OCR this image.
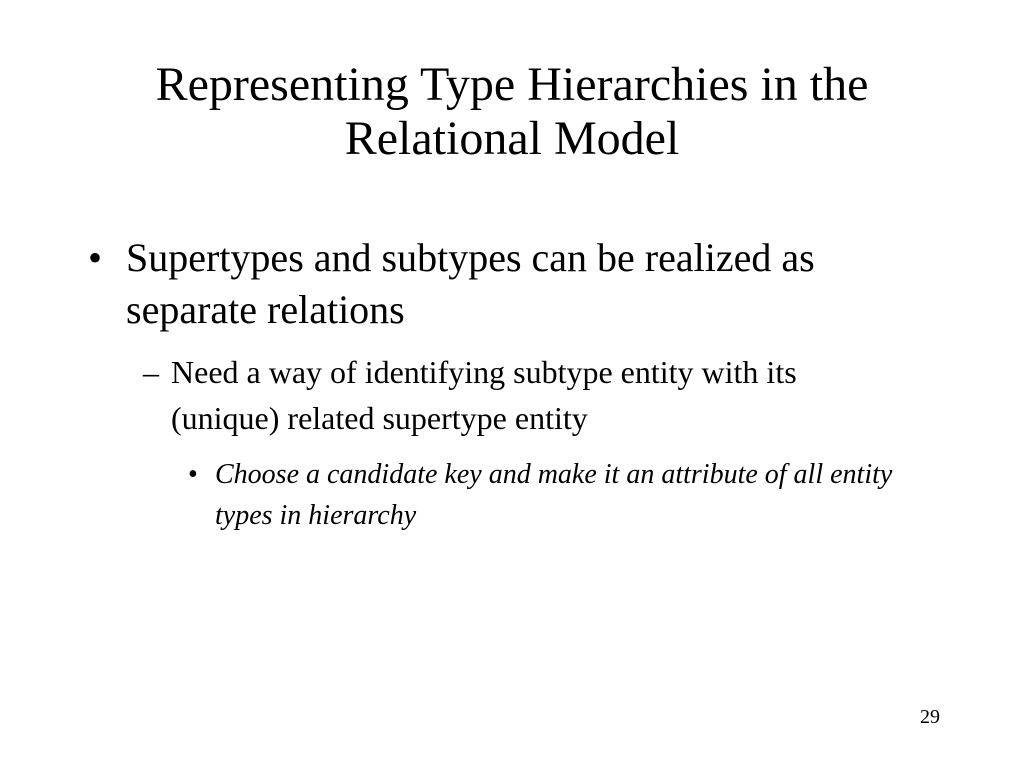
Representing Type Hierarchies in the
Relational Model
• Supertypes and subtypes can be realized as separate relations
– Need a way of identifying subtype entity with its (unique) related supertype entity
• Choose a candidate key and make it an attribute of all entity types in hierarchy
29
